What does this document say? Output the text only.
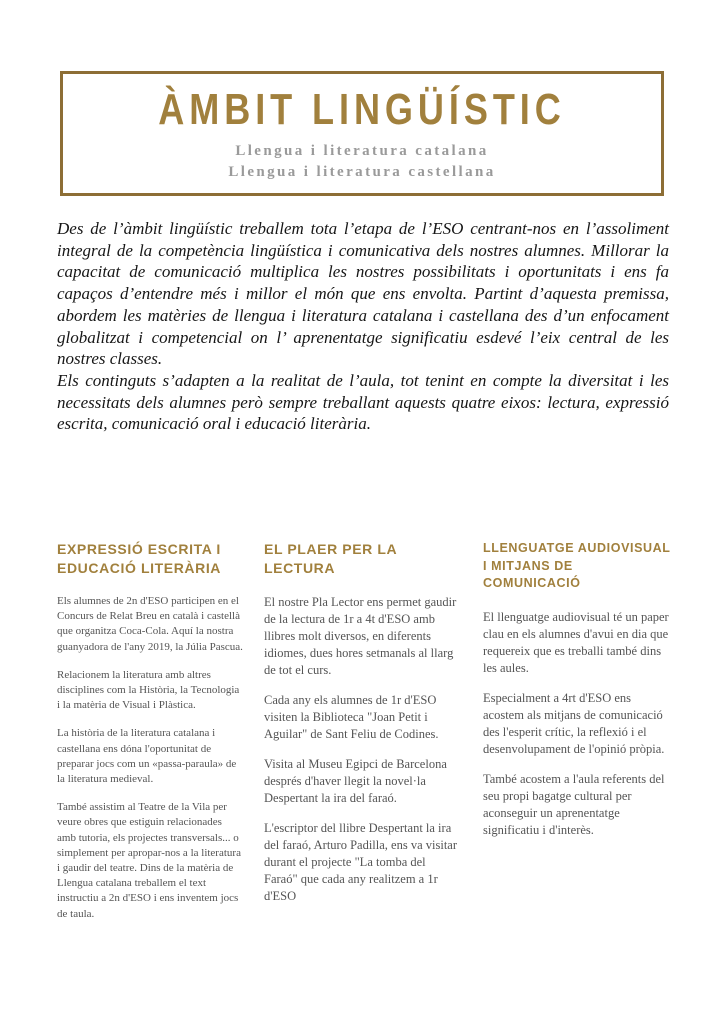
ÀMBIT LINGÜÍSTIC

Llengua i literatura catalana

Llengua i literatura castellana

Des de l’àmbit lingüístic treballem tota l’etapa de l’ESO centrant-nos en l’assoliment integral de la competència lingüística i comunicativa dels nostres alumnes. Millorar la capacitat de comunicació multiplica les nostres possibilitats i oportunitats i ens fa capaços d’entendre més i millor el món que ens envolta. Partint d’aquesta premissa, abordem les matèries de llengua i literatura catalana i castellana des d’un enfocament globalitzat i competencial on l’ aprenentatge significatiu esdevé l’eix central de les nostres classes.

Els continguts s’adapten a la realitat de l’aula, tot tenint en compte la diversitat i les necessitats dels alumnes però sempre treballant aquests quatre eixos: lectura, expressió escrita, comunicació oral i educació literària.

EXPRESSIÓ ESCRITA I EDUCACIÓ LITERÀRIA

Els alumnes de 2n d'ESO participen en el Concurs de Relat Breu en català i castellà que organitza Coca-Cola. Aquí la nostra guanyadora de l'any 2019, la Júlia Pascua.

Relacionem la literatura amb altres disciplines com la Història, la Tecnologia i la matèria de Visual i Plàstica.

La història de la literatura catalana i castellana ens dóna l'oportunitat de preparar jocs com un «passa-paraula» de la literatura medieval.

També assistim al Teatre de la Vila per veure obres que estiguin relacionades amb tutoria, els projectes transversals... o simplement per apropar-nos a la literatura i gaudir del teatre. Dins de la matèria de Llengua catalana treballem el text instructiu a 2n d'ESO i ens inventem jocs de taula.

EL PLAER PER LA LECTURA

El nostre Pla Lector ens permet gaudir de la lectura de 1r a 4t d'ESO amb llibres molt diversos, en diferents idiomes, dues hores setmanals al llarg de tot el curs.

Cada any els alumnes de 1r d'ESO visiten la Biblioteca "Joan Petit i Aguilar" de Sant Feliu de Codines.

Visita al Museu Egipci de Barcelona després d'haver llegit la novel·la Despertant la ira del faraó.

L'escriptor del llibre Despertant la ira del faraó, Arturo Padilla, ens va visitar durant el projecte "La tomba del Faraó" que cada any realitzem a 1r d'ESO

LLENGUATGE AUDIOVISUAL I MITJANS DE COMUNICACIÓ

El llenguatge audiovisual té un paper clau en els alumnes d'avui en dia que requereix que es treballi també dins les aules.

Especialment a 4rt d'ESO ens acostem als mitjans de comunicació des l'esperit crític, la reflexió i el desenvolupament de l'opinió pròpia.

També acostem a l'aula referents del seu propi bagatge cultural per aconseguir un aprenentatge significatiu i d'interès.
